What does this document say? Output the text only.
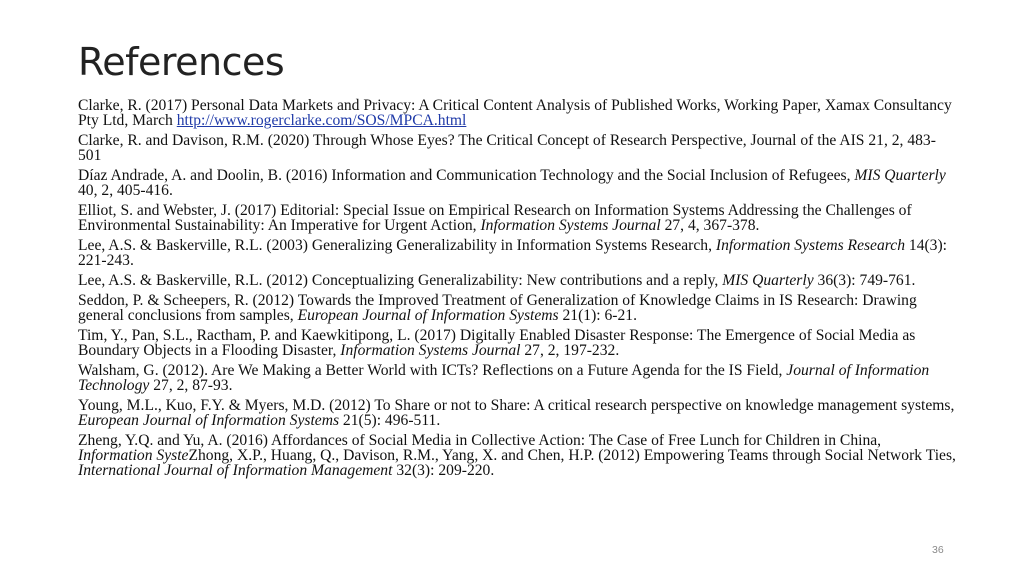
References

Clarke, R. (2017) Personal Data Markets and Privacy: A Critical Content Analysis of Published Works, Working Paper, Xamax Consultancy Pty Ltd, March http://www.rogerclarke.com/SOS/MPCA.html

Clarke, R. and Davison, R.M. (2020) Through Whose Eyes? The Critical Concept of Research Perspective, Journal of the AIS 21, 2, 483-501

Díaz Andrade, A. and Doolin, B. (2016) Information and Communication Technology and the Social Inclusion of Refugees, MIS Quarterly 40, 2, 405-416.

Elliot, S. and Webster, J. (2017) Editorial: Special Issue on Empirical Research on Information Systems Addressing the Challenges of Environmental Sustainability: An Imperative for Urgent Action, Information Systems Journal 27, 4, 367-378.

Lee, A.S. & Baskerville, R.L. (2003) Generalizing Generalizability in Information Systems Research, Information Systems Research 14(3): 221-243.

Lee, A.S. & Baskerville, R.L. (2012) Conceptualizing Generalizability: New contributions and a reply, MIS Quarterly 36(3): 749-761.

Seddon, P. & Scheepers, R. (2012) Towards the Improved Treatment of Generalization of Knowledge Claims in IS Research: Drawing general conclusions from samples, European Journal of Information Systems 21(1): 6-21.

Tim, Y., Pan, S.L., Ractham, P. and Kaewkitipong, L. (2017) Digitally Enabled Disaster Response: The Emergence of Social Media as Boundary Objects in a Flooding Disaster, Information Systems Journal 27, 2, 197-232.

Walsham, G. (2012). Are We Making a Better World with ICTs? Reflections on a Future Agenda for the IS Field, Journal of Information Technology 27, 2, 87-93.

Young, M.L., Kuo, F.Y. & Myers, M.D. (2012) To Share or not to Share: A critical research perspective on knowledge management systems, European Journal of Information Systems 21(5): 496-511.

Zheng, Y.Q. and Yu, A. (2016) Affordances of Social Media in Collective Action: The Case of Free Lunch for Children in China, Information SysteZhong, X.P., Huang, Q., Davison, R.M., Yang, X. and Chen, H.P. (2012) Empowering Teams through Social Network Ties, International Journal of Information Management 32(3): 209-220.

36
